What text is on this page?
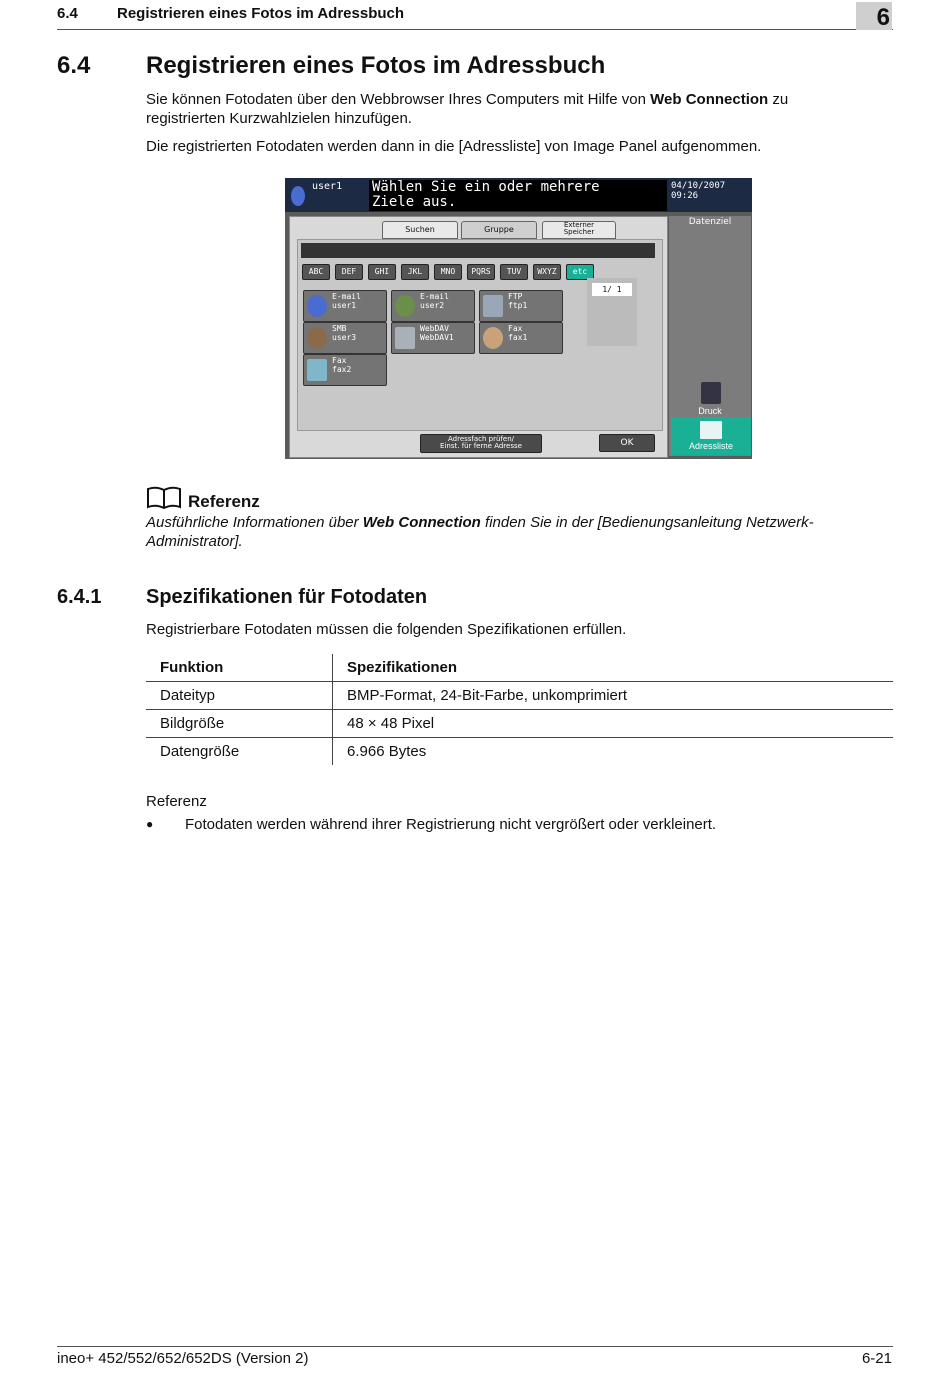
6.4	Registrieren eines Fotos im Adressbuch	6
6.4 Registrieren eines Fotos im Adressbuch
Sie können Fotodaten über den Webbrowser Ihres Computers mit Hilfe von Web Connection zu
registrierten Kurzwahlzielen hinzufügen.
Die registrierten Fotodaten werden dann in die [Adressliste] von Image Panel aufgenommen.
user1 Wählen Sie ein oder mehrere
Ziele aus.
04/10/2007 09:26
Suchen	Gruppe	Externer
Speicher
ABC	DEF	GHI	JKL	MNO	PQRS	TUV	WXYZ	etc
E-mail
user1
E-mail
user2
FTP
ftp1
SMB
user3
WebDAV
WebDAV1
Fax
fax1
Fax
fax2
1/ 1
Adressfach prüfen/
Einst. für ferne Adresse	OK
Datenziel
Druck
Adressliste
Referenz
Ausführliche Informationen über Web Connection finden Sie in der [Bedienungsanleitung Netzwerk-
Administrator].
6.4.1 Spezifikationen für Fotodaten
Registrierbare Fotodaten müssen die folgenden Spezifikationen erfüllen.
Funktion	Spezifikationen
Dateityp	BMP-Format, 24-Bit-Farbe, unkomprimiert
Bildgröße	48 × 48 Pixel
Datengröße	6.966 Bytes
Referenz
● Fotodaten werden während ihrer Registrierung nicht vergrößert oder verkleinert.
ineo+ 452/552/652/652DS (Version 2)	6-21
